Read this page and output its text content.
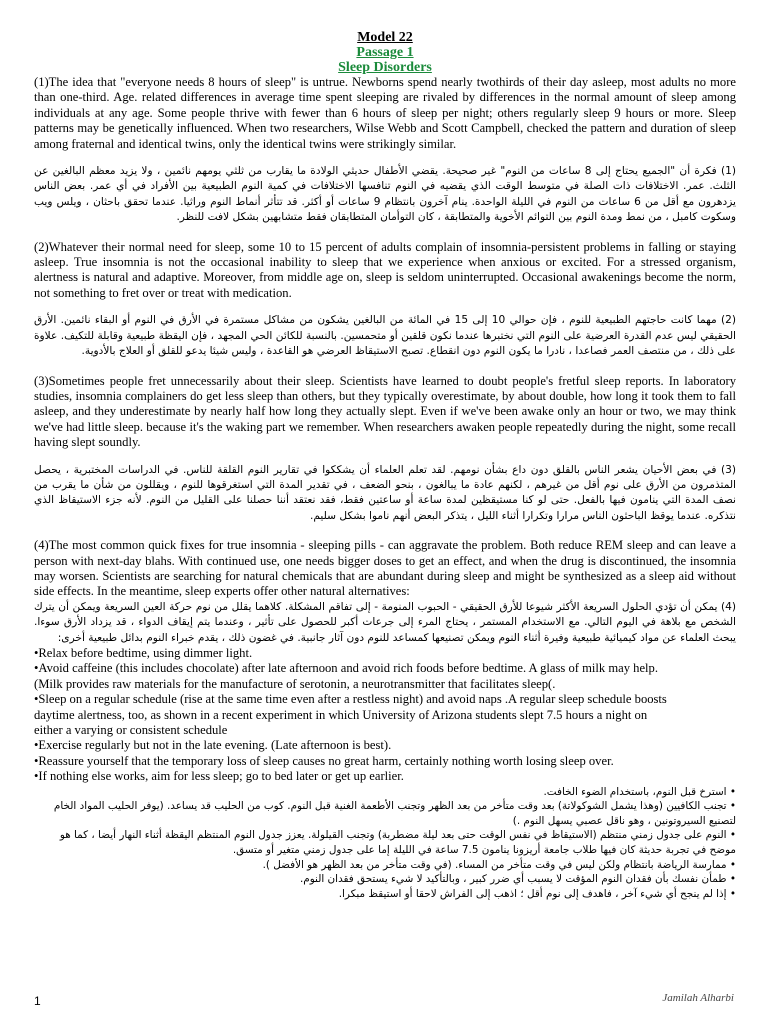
Model 22
Passage 1
Sleep Disorders

(1)The idea that "everyone needs 8 hours of sleep" is untrue. Newborns spend nearly twothirds of their day asleep, most adults no more than one-third. Age. related differences in average time spent sleeping are rivaled by differences in the normal amount of sleep among individuals at any age. Some people thrive with fewer than 6 hours of sleep per night; others regularly sleep 9 hours or more. Sleep patterns may be genetically influenced. When two researchers, Wilse Webb and Scott Campbell, checked the pattern and duration of sleep among fraternal and identical twins, only the identical twins were strikingly similar.

(1) فكرة أن "الجميع يحتاج إلى 8 ساعات من النوم" غير صحيحة. يقضي الأطفال حديثي الولادة ما يقارب من ثلثي يومهم نائمين ، ولا يزيد معظم البالغين عن الثلث. عمر. الاختلافات ذات الصلة في متوسط الوقت الذي يقضيه في النوم تنافسها الاختلافات في كمية النوم الطبيعية بين الأفراد في أي عمر. بعض الناس يزدهرون مع أقل من 6 ساعات من النوم في الليلة الواحدة. ينام آخرون بانتظام 9 ساعات أو أكثر. قد تتأثر أنماط النوم وراثيا. عندما تحقق باحثان ، ويلس ويب وسكوت كامبل ، من نمط ومدة النوم بين التوائم الأخوية والمتطابقة ، كان التوأمان المتطابقان فقط متشابهين بشكل لافت للنظر.

(2)Whatever their normal need for sleep, some 10 to 15 percent of adults complain of insomnia-persistent problems in falling or staying asleep. True insomnia is not the occasional inability to sleep that we experience when anxious or excited. For a stressed organism, alertness is natural and adaptive. Moreover, from middle age on, sleep is seldom uninterrupted. Occasional awakenings become the norm, not something to fret over or treat with medication.

(2) مهما كانت حاجتهم الطبيعية للنوم ، فإن حوالي 10 إلى 15 في المائة من البالغين يشكون من مشاكل مستمرة في الأرق في النوم أو البقاء نائمين. الأرق الحقيقي ليس عدم القدرة العرضية على النوم التي نختبرها عندما نكون قلقين أو متحمسين. بالنسبة للكائن الحي المجهد ، فإن اليقظة طبيعية وقابلة للتكيف. علاوة على ذلك ، من منتصف العمر فصاعدا ، نادرا ما يكون النوم دون انقطاع. تصبح الاستيقاظ العرضي هو القاعدة ، وليس شيئا يدعو للقلق أو العلاج بالأدوية.

(3)Sometimes people fret unnecessarily about their sleep. Scientists have learned to doubt people's fretful sleep reports. In laboratory studies, insomnia complainers do get less sleep than others, but they typically overestimate, by about double, how long it took them to fall asleep, and they underestimate by nearly half how long they actually slept. Even if we've been awake only an hour or two, we may think we've had little sleep. because it's the waking part we remember. When researchers awaken people repeatedly during the night, some recall having slept soundly.

(3) في بعض الأحيان يشعر الناس بالقلق دون داع بشأن نومهم. لقد تعلم العلماء أن يشككوا في تقارير النوم القلقة للناس. في الدراسات المختبرية ، يحصل المتذمرون من الأرق على نوم أقل من غيرهم ، لكنهم عادة ما يبالغون ، بنحو الضعف ، في تقدير المدة التي استغرقوها للنوم ، ويقللون من شأن ما يقرب من نصف المدة التي ينامون فيها بالفعل. حتى لو كنا مستيقظين لمدة ساعة أو ساعتين فقط، فقد نعتقد أننا حصلنا على القليل من النوم. لأنه جزء الاستيقاظ الذي نتذكره. عندما يوقظ الباحثون الناس مرارا وتكرارا أثناء الليل ، يتذكر البعض أنهم ناموا بشكل سليم.

(4)The most common quick fixes for true insomnia - sleeping pills - can aggravate the problem. Both reduce REM sleep and can leave a person with next-day blahs. With continued use, one needs bigger doses to get an effect, and when the drug is discontinued, the insomnia may worsen. Scientists are searching for natural chemicals that are abundant during sleep and might be synthesized as a sleep aid without side effects. In the meantime, sleep experts offer other natural alternatives:

(4) يمكن أن تؤدي الحلول السريعة الأكثر شيوعا للأرق الحقيقي - الحبوب المنومة - إلى تفاقم المشكلة. كلاهما يقلل من نوم حركة العين السريعة ويمكن أن يترك الشخص مع بلاهة في اليوم التالي. مع الاستخدام المستمر ، يحتاج المرء إلى جرعات أكبر للحصول على تأثير ، وعندما يتم إيقاف الدواء ، قد يزداد الأرق سوءا. يبحث العلماء عن مواد كيميائية طبيعية وفيرة أثناء النوم ويمكن تصنيعها كمساعد للنوم دون آثار جانبية. في غضون ذلك ، يقدم خبراء النوم بدائل طبيعية أخرى:

•Relax before bedtime, using dimmer light.
•Avoid caffeine (this includes chocolate) after late afternoon and avoid rich foods before bedtime. A glass of milk may help.
(Milk provides raw materials for the manufacture of serotonin, a neurotransmitter that facilitates sleep(.
•Sleep on a regular schedule (rise at the same time even after a restless night) and avoid naps .A regular sleep schedule boosts
daytime alertness, too, as shown in a recent experiment in which University of Arizona students slept 7.5 hours a night on
either a varying or consistent schedule
•Exercise regularly but not in the late evening. (Late afternoon is best).
•Reassure yourself that the temporary loss of sleep causes no great harm, certainly nothing worth losing sleep over.
•If nothing else works, aim for less sleep; go to bed later or get up earlier.
• استرخ قبل النوم، باستخدام الضوء الخافت.
• تجنب الكافيين (وهذا يشمل الشوكولاتة) بعد وقت متأخر من بعد الظهر وتجنب الأطعمة الغنية قبل النوم. كوب من الحليب قد يساعد. (يوفر الحليب المواد الخام لتصنيع السيروتونين ، وهو ناقل عصبي يسهل النوم .)
• النوم على جدول زمني منتظم (الاستيقاظ في نفس الوقت حتى بعد ليلة مضطربة) وتجنب القيلولة. يعزز جدول النوم المنتظم اليقظة أثناء النهار أيضا ، كما هو موضح في تجربة حديثة كان فيها طلاب جامعة أريزونا ينامون 7.5 ساعة في الليلة إما على جدول زمني متغير أو متسق.
• ممارسة الرياضة بانتظام ولكن ليس في وقت متأخر من المساء. (في وقت متأخر من بعد الظهر هو الأفضل ).
• طمأن نفسك بأن فقدان النوم المؤقت لا يسبب أي ضرر كبير ، وبالتأكيد لا شيء يستحق فقدان النوم.
• إذا لم ينجح أي شيء آخر ، فاهدف إلى نوم أقل ؛ اذهب إلى الفراش لاحقا أو استيقظ مبكرا.
1	Jamilah Alharbi
